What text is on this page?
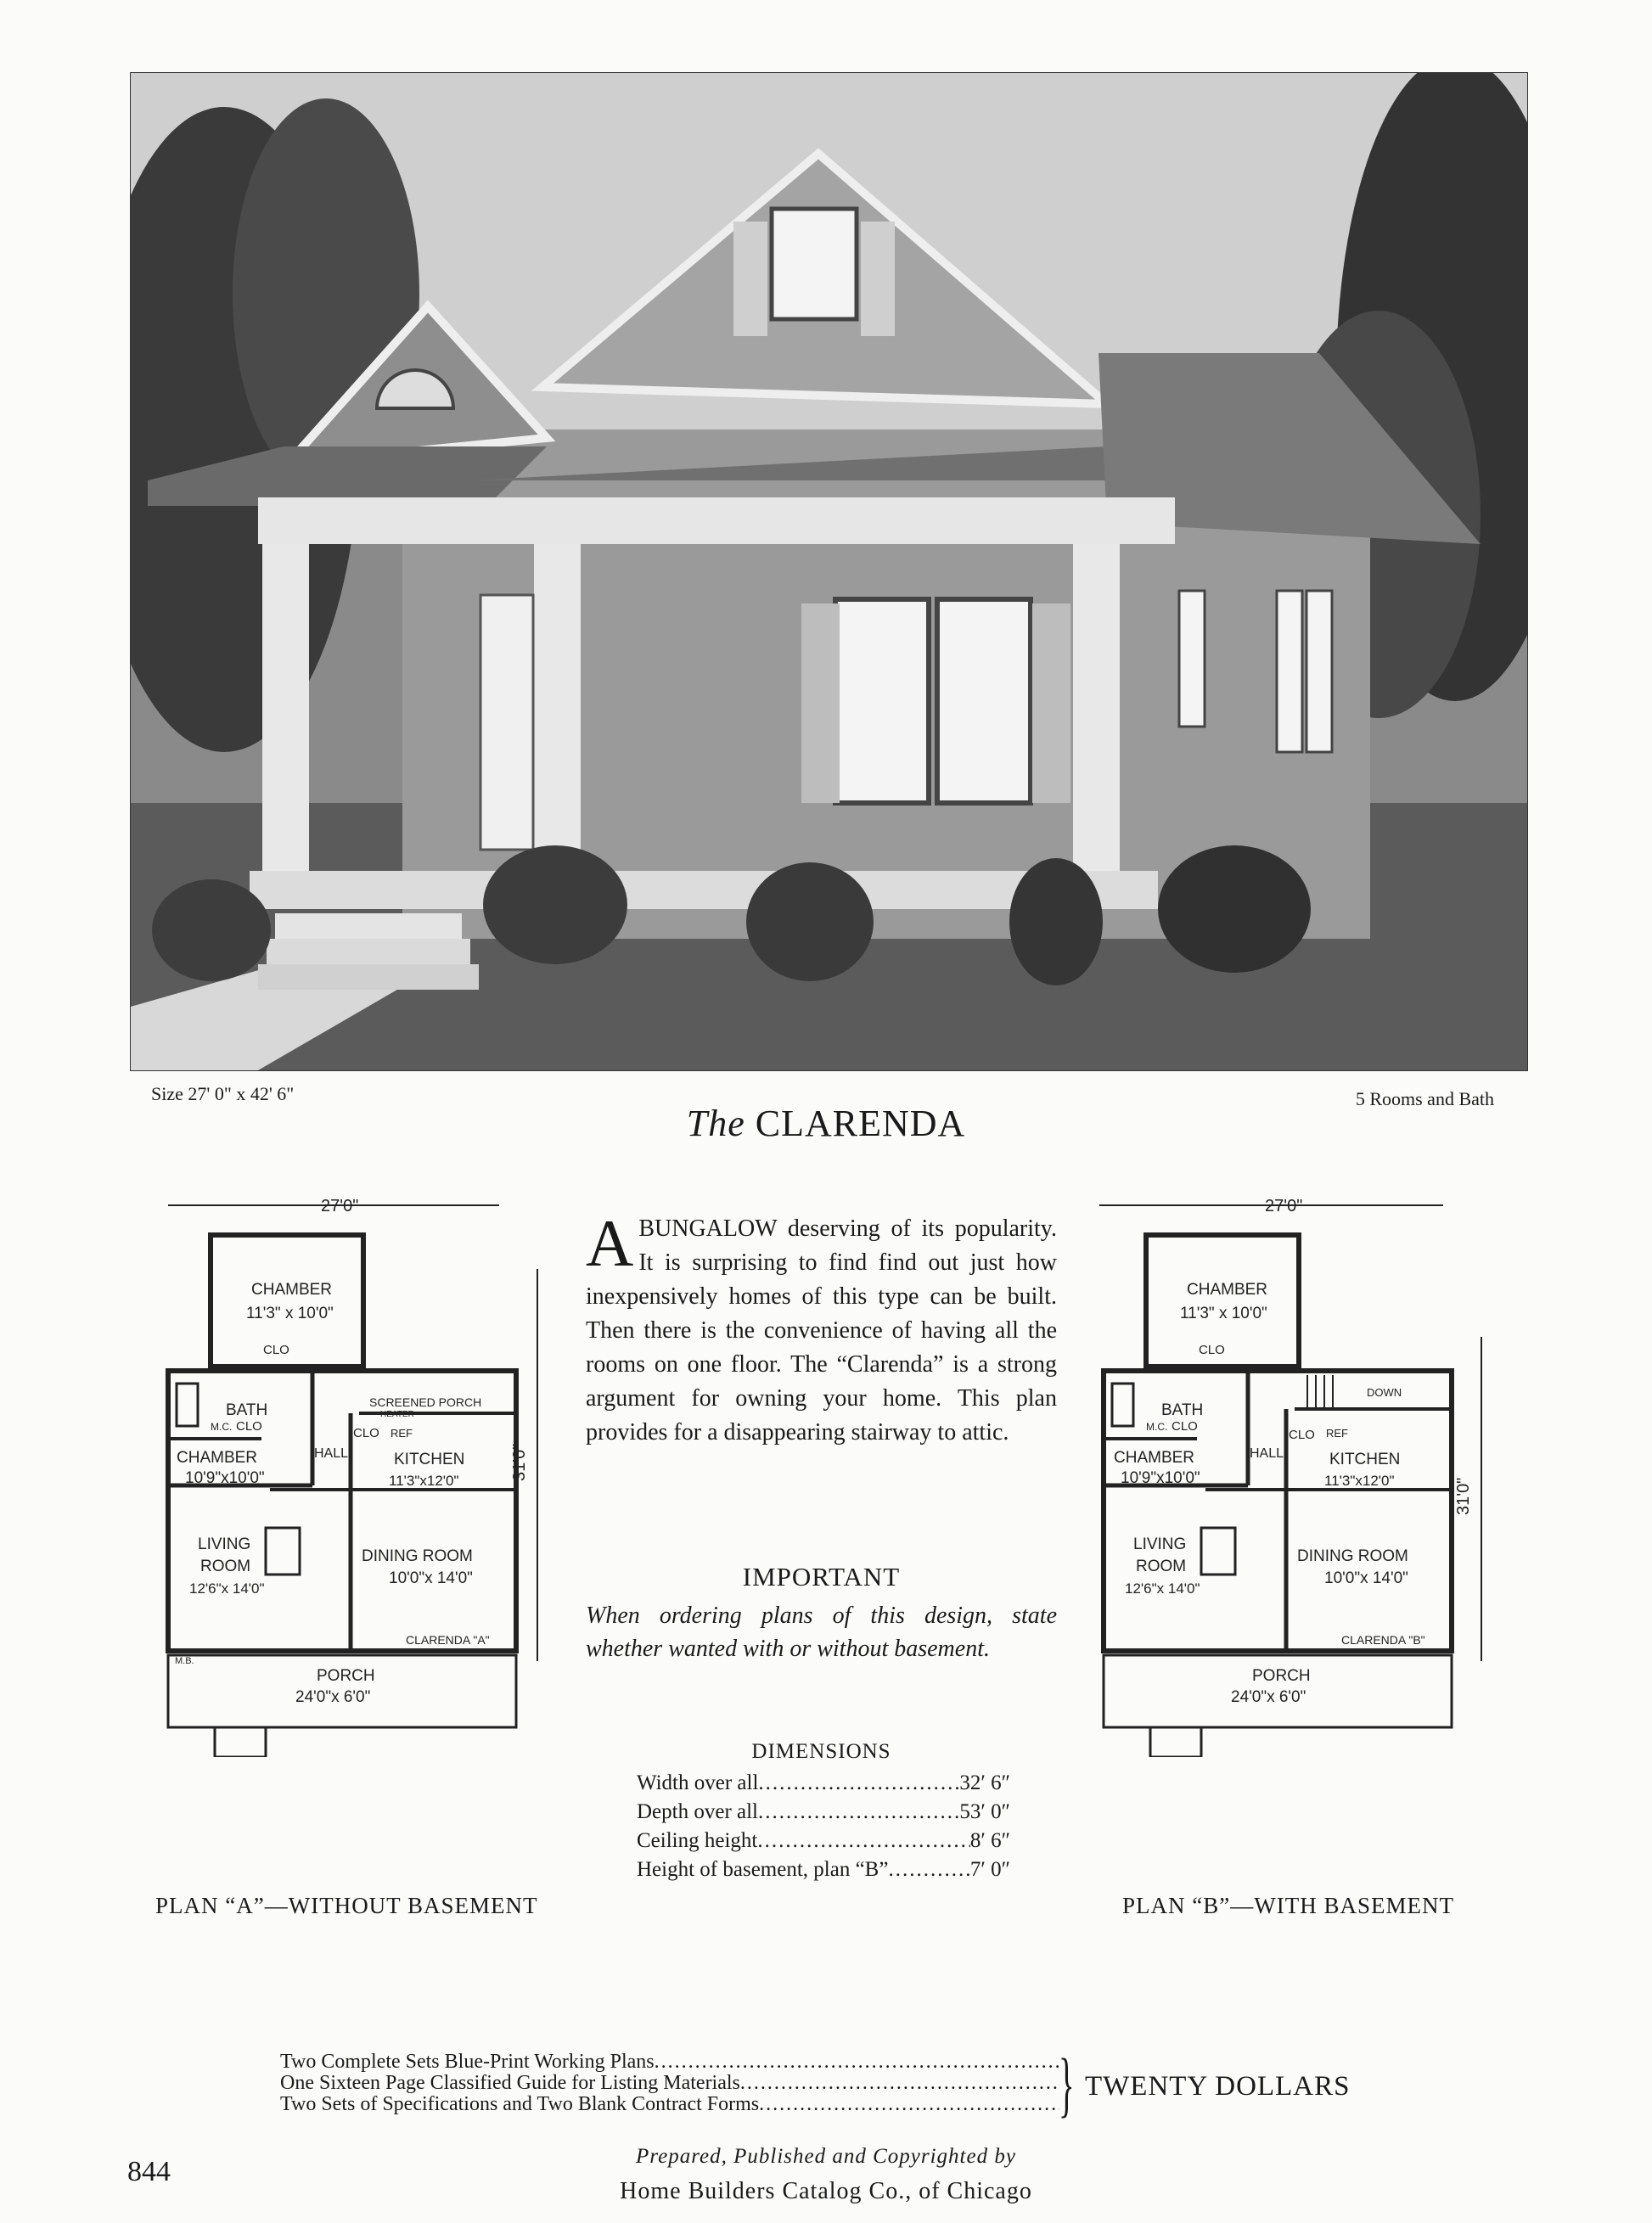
Size 27' 0" x 42' 6"	5 Rooms and Bath
The CLARENDA
27'0"
31'0"
CHAMBER
11'3" x 10'0"
CLO
BATH
M.C. CLO
SCREENED PORCH
HEATER
CLO REF
CHAMBER
10'9"x10'0"
HALL	KITCHEN
11'3"x12'0"
LIVING
ROOM
12'6"x 14'0"
DINING ROOM
10'0"x 14'0"
CLARENDA "A"
M.B.
PORCH
24'0"x 6'0"
PLAN “A”—WITHOUT BASEMENT
27'0"
31'0"
CHAMBER
11'3" x 10'0"
CLO
BATH
M.C. CLO
DOWN
CLO REF
CHAMBER
10'9"x10'0"
HALL	KITCHEN
11'3"x12'0"
LIVING
ROOM
12'6"x 14'0"
DINING ROOM
10'0"x 14'0"
CLARENDA "B"
PORCH
24'0"x 6'0"
PLAN “B”—WITH BASEMENT
ABUNGALOW deserving of its popularity. It is surprising to find find out just how inexpensively homes of this type can be built. Then there is the convenience of having all the rooms on one floor. The “Clarenda” is a strong argument for owning your home. This plan provides for a disappearing stairway to attic.
IMPORTANT
When ordering plans of this design, state whether wanted with or without basement.
DIMENSIONS
Width over all .....	32′ 6″
Depth over all .....	53′ 0″
Ceiling height .....	8′ 6″
Height of basement, plan “B” .....	7′ 0″
Two Complete Sets Blue-Print Working Plans
.....
One Sixteen Page Classified Guide for Listing Materials
.....
Two Sets of Specifications and Two Blank Contract Forms .....	} TWENTY DOLLARS
844	Prepared, Published and Copyrighted by
Home Builders Catalog Co., of Chicago
